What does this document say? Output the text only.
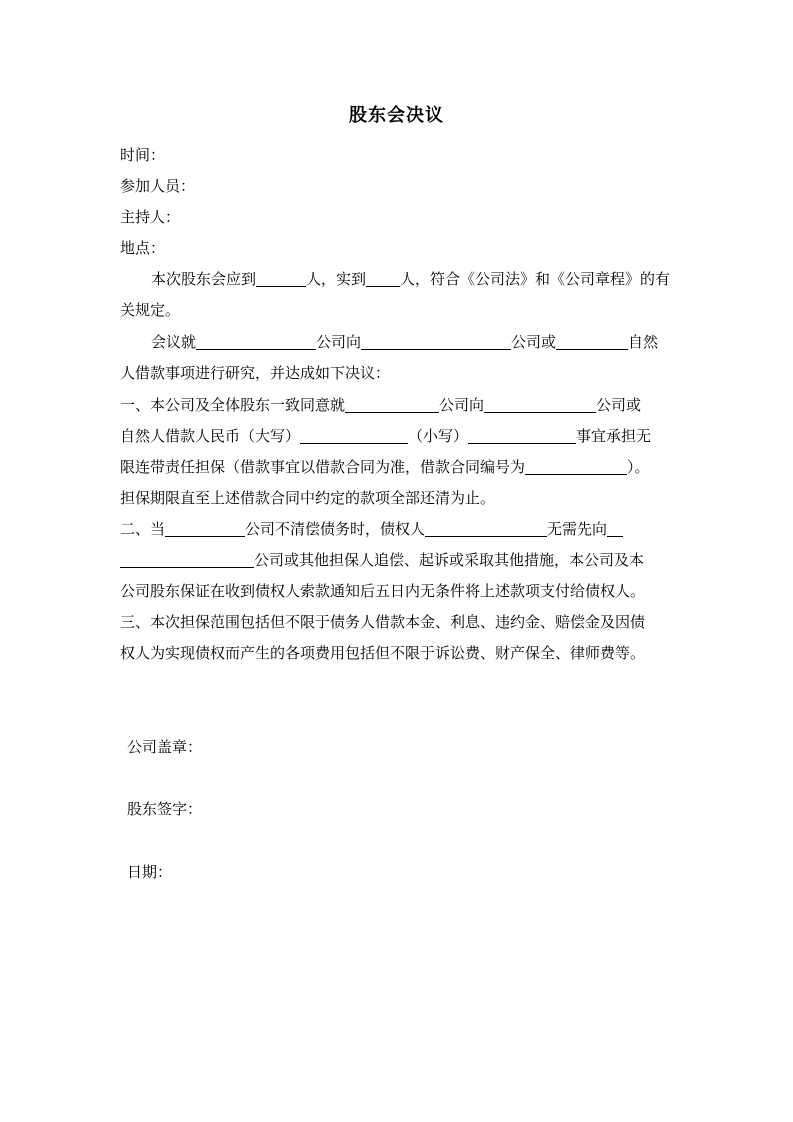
股东会决议
时间：
参加人员：
主持人：
地点：
本次股东会应到	人，实到 人，符合《公司法》和《公司章程》的有
关规定。
会议就	公司向	公司或	自然
人借款事项进行研究，并达成如下决议：
一、本公司及全体股东一致同意就	公司向	公司或
自然人借款人民币（大写）	（小写）	事宜承担无
限连带责任担保（借款事宜以借款合同为准，借款合同编号为	）。
担保期限直至上述借款合同中约定的款项全部还清为止。
二、当	公司不清偿债务时，债权人	无需先向
公司或其他担保人追偿、起诉或采取其他措施，本公司及本
公司股东保证在收到债权人索款通知后五日内无条件将上述款项支付给债权人。
三、本次担保范围包括但不限于债务人借款本金、利息、违约金、赔偿金及因债
权人为实现债权而产生的各项费用包括但不限于诉讼费、财产保全、律师费等。
公司盖章：
股东签字：
日期：
